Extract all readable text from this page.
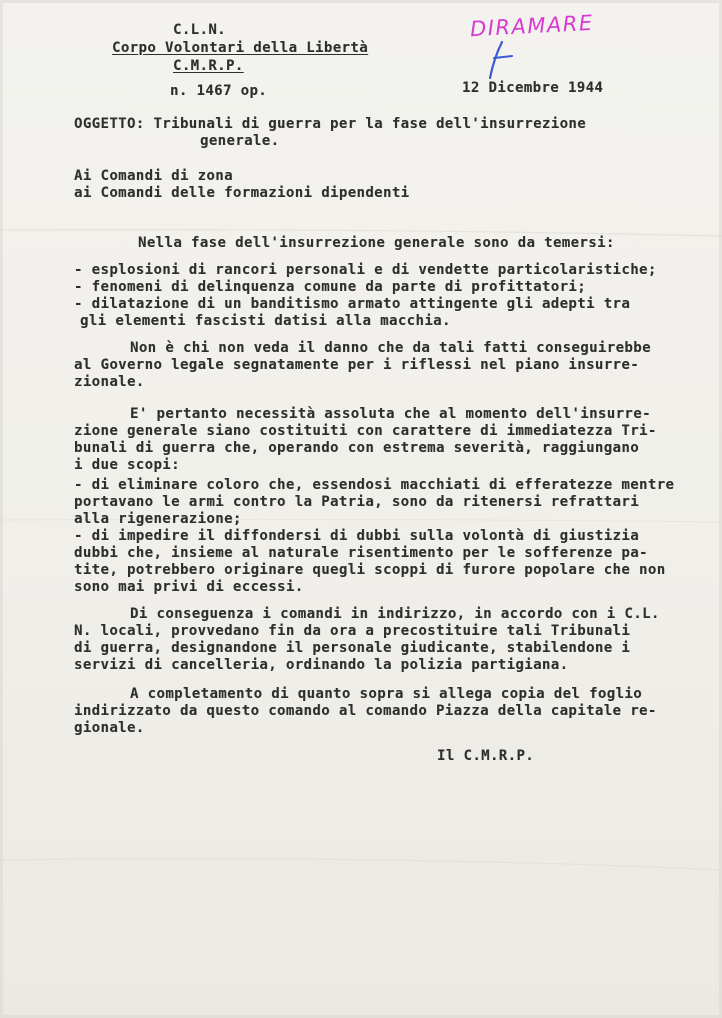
C.L.N.
Corpo Volontari della Libertà
C.M.R.P.
DIRAMARE
n. 1467 op.	12 Dicembre 1944
OGGETTO: Tribunali di guerra per la fase dell'insurrezione
generale.
Ai Comandi di zona
ai Comandi delle formazioni dipendenti
Nella fase dell'insurrezione generale sono da temersi:
- esplosioni di rancori personali e di vendette particolaristiche;
- fenomeni di delinquenza comune da parte di profittatori;
- dilatazione di un banditismo armato attingente gli adepti tra
gli elementi fascisti datisi alla macchia.
Non è chi non veda il danno che da tali fatti conseguirebbe
al Governo legale segnatamente per i riflessi nel piano insurre-
zionale.
E' pertanto necessità assoluta che al momento dell'insurre-
zione generale siano costituiti con carattere di immediatezza Tri-
bunali di guerra che, operando con estrema severità, raggiungano
i due scopi:
- di eliminare coloro che, essendosi macchiati di efferatezze mentre
portavano le armi contro la Patria, sono da ritenersi refrattari
alla rigenerazione;
- di impedire il diffondersi di dubbi sulla volontà di giustizia
dubbi che, insieme al naturale risentimento per le sofferenze pa-
tite, potrebbero originare quegli scoppi di furore popolare che non
sono mai privi di eccessi.
Di conseguenza i comandi in indirizzo, in accordo con i C.L.
N. locali, provvedano fin da ora a precostituire tali Tribunali
di guerra, designandone il personale giudicante, stabilendone i
servizi di cancelleria, ordinando la polizia partigiana.
A completamento di quanto sopra si allega copia del foglio
indirizzato da questo comando al comando Piazza della capitale re-
gionale.
Il C.M.R.P.
